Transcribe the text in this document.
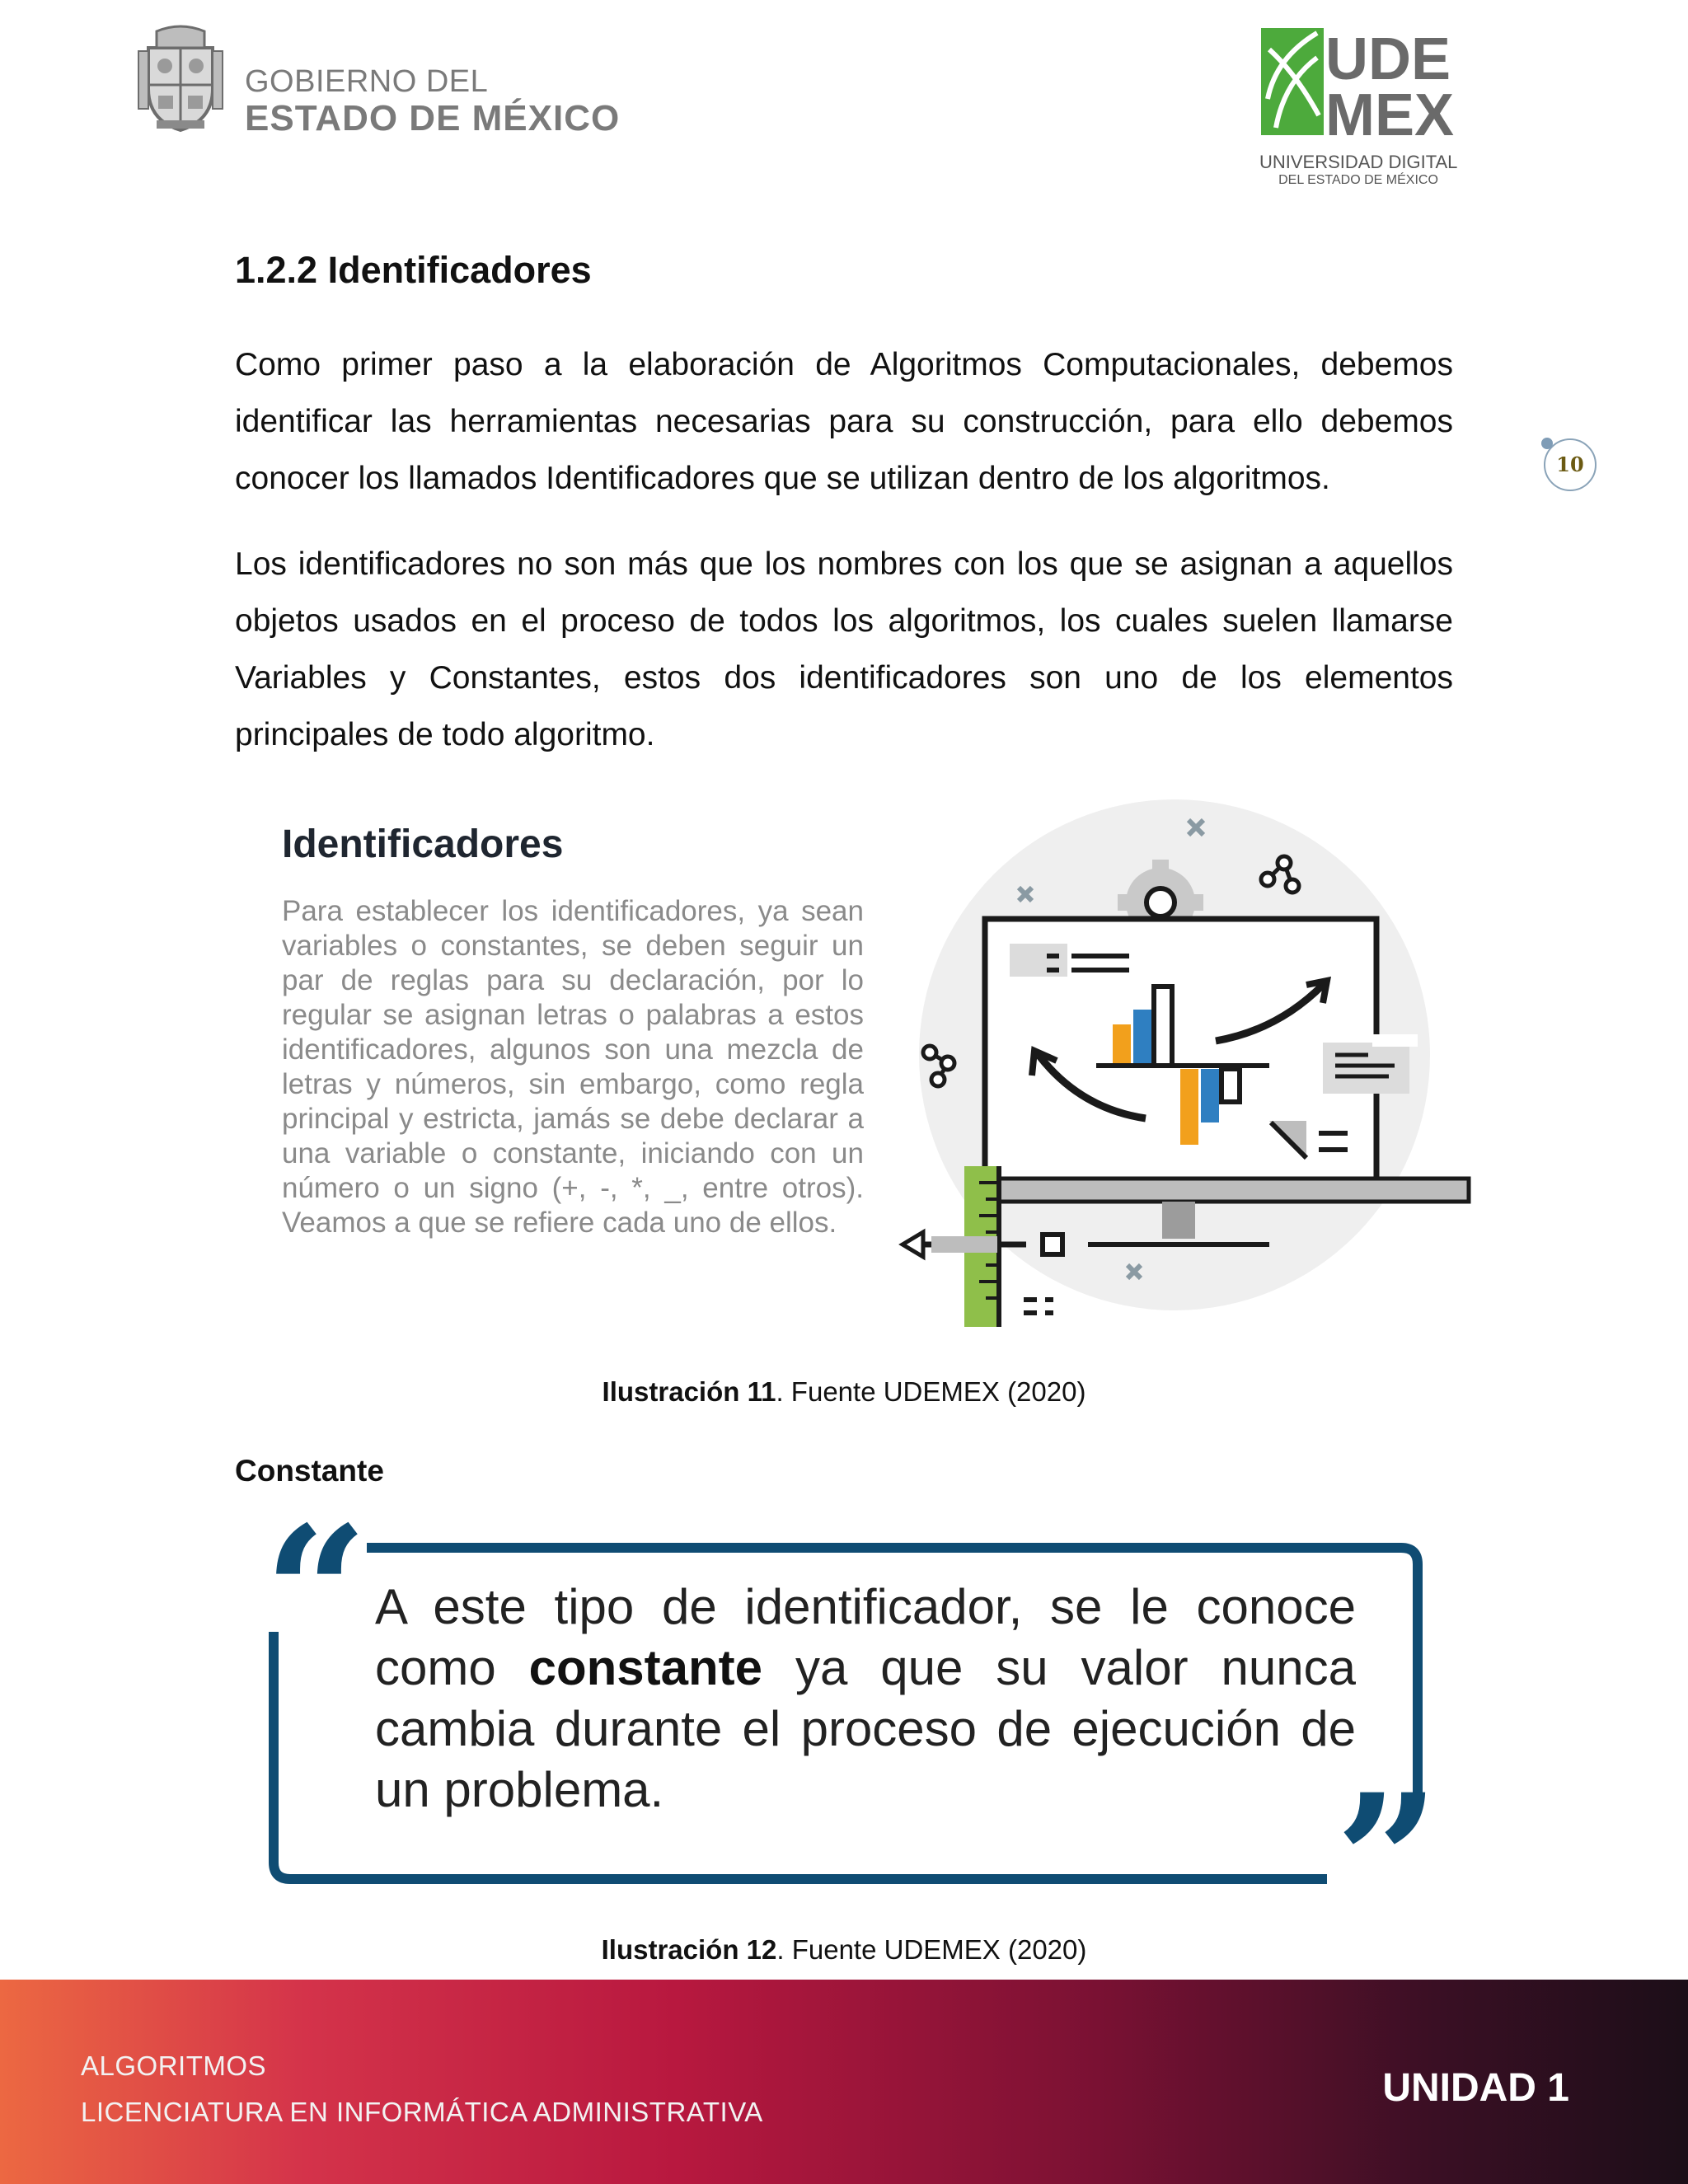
GOBIERNO DEL
ESTADO DE MÉXICO
UDE
MEX
UNIVERSIDAD DIGITAL
DEL ESTADO DE MÉXICO
10
1.2.2 Identificadores

Como primer paso a la elaboración de Algoritmos Computacionales, debemos identificar las herramientas necesarias para su construcción, para ello debemos conocer los llamados Identificadores que se utilizan dentro de los algoritmos.

Los identificadores no son más que los nombres con los que se asignan a aquellos objetos usados en el proceso de todos los algoritmos, los cuales suelen llamarse Variables y Constantes, estos dos identificadores son uno de los elementos principales de todo algoritmo.

Identificadores

Para establecer los identificadores, ya sean variables o constantes, se deben seguir un par de reglas para su declaración, por lo regular se asignan letras o palabras a estos identificadores, algunos son una mezcla de letras y números, sin embargo, como regla principal y estricta, jamás se debe declarar a una variable o constante, iniciando con un número o un signo (+, -, *, _, entre otros). Veamos a que se refiere cada uno de ellos.

Ilustración 11. Fuente UDEMEX (2020)
Constante
“
”

A este tipo de identificador, se le conoce como constante ya que su valor nunca cambia durante el proceso de ejecución de un problema.

Ilustración 12. Fuente UDEMEX (2020)
ALGORITMOS
LICENCIATURA EN INFORMÁTICA ADMINISTRATIVA
UNIDAD 1
